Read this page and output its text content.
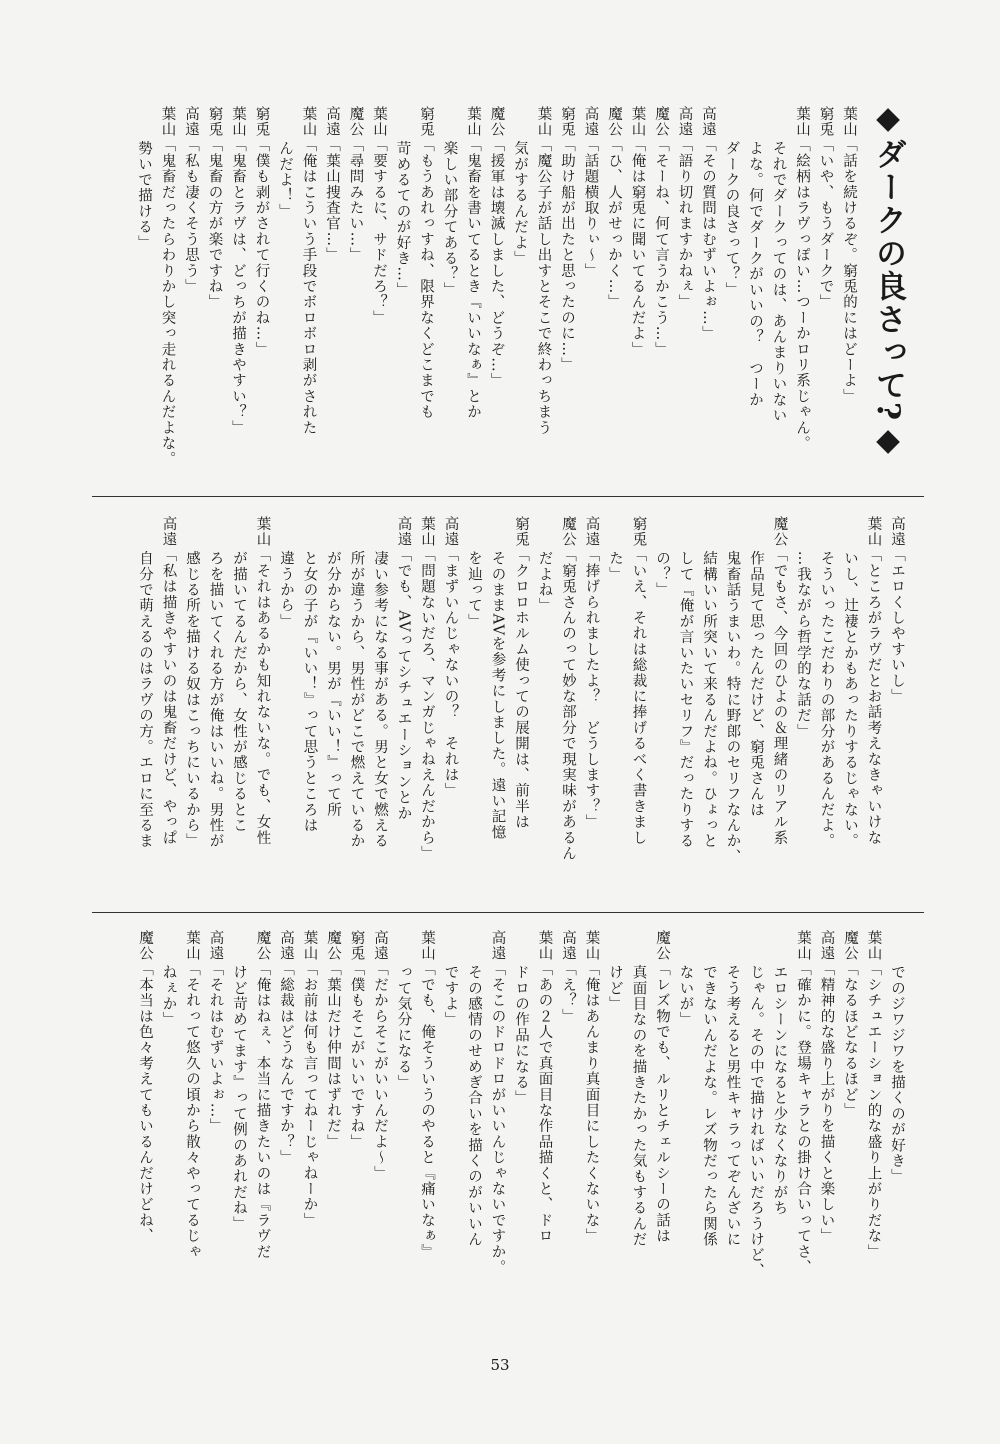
◆ダークの良さって?◆
葉山「話を続けるぞ。窮兎的にはどーよ」
窮兎「いや、もうダークで」
葉山「絵柄はラヴっぽい…つーかロリ系じゃん。
それでダークってのは、あんまりいない
よな。何でダークがいいの？　つーか
ダークの良さって？」
高遠「その質問はむずいよぉ…」
高遠「語り切れますかねぇ」
魔公「そーね、何て言うかこう…」
葉山「俺は窮兎に聞いてるんだよ」
魔公「ひ、人がせっかく…」
高遠「話題横取りぃ〜」
窮兎「助け船が出たと思ったのに…」
葉山「魔公子が話し出すとそこで終わっちまう
気がするんだよ」
魔公「援軍は壊滅しました、どうぞ…」
葉山「鬼畜を書いてるとき『いいなぁ』とか
楽しい部分てある？」
窮兎「もうあれっすね、限界なくどこまでも
苛めるてのが好き…」
葉山「要するに、サドだろ？」
魔公「尋問みたい…」
高遠「葉山捜査官…」
葉山「俺はこういう手段でボロボロ剥がされた
んだよ！」
窮兎「僕も剥がされて行くのね…」
葉山「鬼畜とラヴは、どっちが描きやすい？」
窮兎「鬼畜の方が楽ですね」
高遠「私も凄くそう思う」
葉山「鬼畜だったらわりかし突っ走れるんだよな。
勢いで描ける」
高遠「エロくしやすいし」
葉山「ところがラヴだとお話考えなきゃいけな
いし、辻褄とかもあったりするじゃない。
そういったこだわりの部分があるんだよ。
…我ながら哲学的な話だ」
魔公「でもさ、今回のひよの＆理緒のリアル系
作品見て思ったんだけど、窮兎さんは
鬼畜話うまいわ。特に野郎のセリフなんか、
結構いい所突いて来るんだよね。ひょっと
して『俺が言いたいセリフ』だったりする
の？」
窮兎「いえ、それは総裁に捧げるべく書きまし
た」
高遠「捧げられましたよ？　どうします？」
魔公「窮兎さんのって妙な部分で現実味があるん
だよね」
窮兎「クロロホルム使っての展開は、前半は
そのままAVを参考にしました。遠い記憶
を辿って」
高遠「まずいんじゃないの？　それは」
葉山「問題ないだろ、マンガじゃねえんだから」
高遠「でも、AVってシチュエーションとか
凄い参考になる事がある。男と女で燃える
所が違うから、男性がどこで燃えているか
が分からない。男が『いい！』って所
と女の子が『いい！』って思うところは
違うから」
葉山「それはあるかも知れないな。でも、女性
が描いてるんだから、女性が感じるとこ
ろを描いてくれる方が俺はいいね。男性が
感じる所を描ける奴はこっちにいるから」
高遠「私は描きやすいのは鬼畜だけど、やっぱ
自分で萌えるのはラヴの方。エロに至るま
でのジワジワを描くのが好き」
葉山「シチュエーション的な盛り上がりだな」
魔公「なるほどなるほど」
高遠「精神的な盛り上がりを描くと楽しい」
葉山「確かに。登場キャラとの掛け合いってさ、
エロシーンになると少なくなりがち
じゃん。その中で描ければいいだろうけど、
そう考えると男性キャラってぞんざいに
できないんだよな。レズ物だったら関係
ないが」
魔公「レズ物でも、ルリとチェルシーの話は
真面目なのを描きたかった気もするんだ
けど」
葉山「俺はあんまり真面目にしたくないな」
高遠「え？」
葉山「あの２人で真面目な作品描くと、ドロ
ドロの作品になる」
高遠「そこのドロドロがいいんじゃないですか。
その感情のせめぎ合いを描くのがいいん
ですよ」
葉山「でも、俺そういうのやると『痛いなぁ』
って気分になる」
高遠「だからそこがいいんだよ〜」
窮兎「僕もそこがいいですね」
魔公「葉山だけ仲間はずれだ」
葉山「お前は何も言ってねーじゃねーか」
高遠「総裁はどうなんですか？」
魔公「俺はねぇ、本当に描きたいのは『ラヴだ
けど苛めてます』って例のあれだね」
高遠「それはむずいよぉ…」
葉山「それって悠久の頃から散々やってるじゃ
ねぇか」
魔公「本当は色々考えてもいるんだけどね、
53
